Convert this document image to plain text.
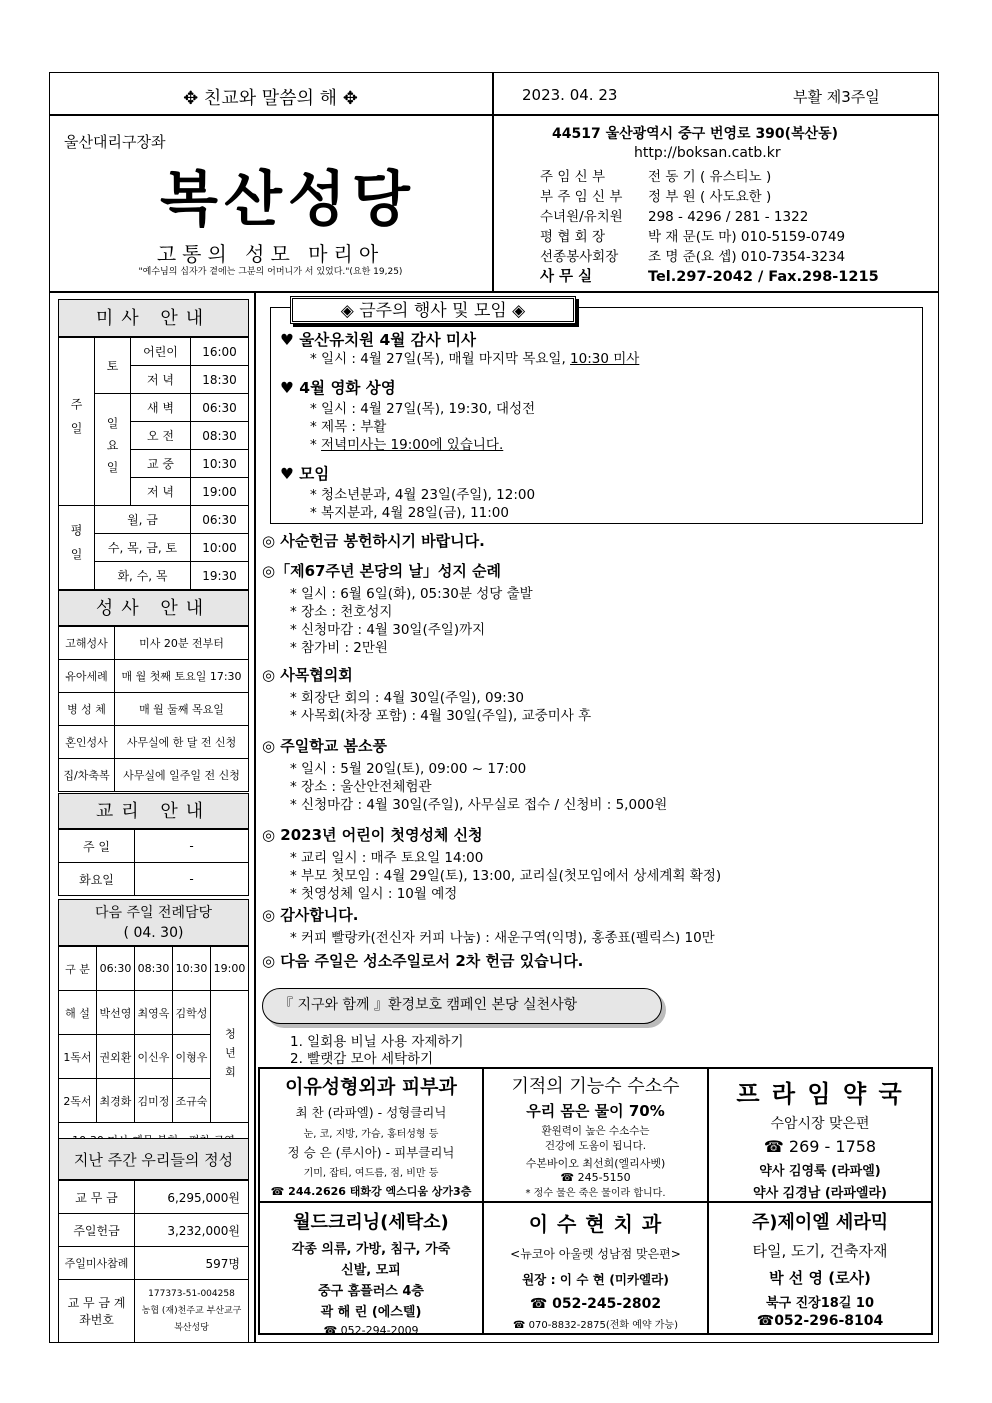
✥ 친교와 말씀의 해 ✥	2023. 04. 23	부활 제3주일
울산대리구장좌
복산성당
고통의 성모 마리아
"예수님의 십자가 곁에는 그분의 어머니가 서 있었다."(요한 19,25)
44517 울산광역시 중구 번영로 390(복산동)
http://boksan.catb.kr
주 임 신 부	전 동 기 ( 유스티노 )
부 주 임 신 부 정 부 원 ( 사도요한 )
수녀원/유치원 298 - 4296 / 281 - 1322
평 협 회 장	박 재 문(도 마) 010-5159-0749
선종봉사회장 조 명 준(요 셉) 010-7354-3234
사 무 실	Tel.297-2042 / Fax.298-1215
미사 안내
주일	토	어린이	16:00
		저 녁	18:30
	일요일	새 벽	06:30
		오 전	08:30
		교 중	10:30
		저 녁	19:00
평일	월, 금		06:30
	수, 목, 금, 토		10:00
	화, 수, 목		19:30
성사 안내
고해성사	미사 20분 전부터
유아세례	매 월 첫째 토요일 17:30
병 성 체	매 월 둘째 목요일
혼인성사	사무실에 한 달 전 신청
집/차축복	사무실에 일주일 전 신청
교리 안내
주 일	-
화요일	-
다음 주일 전례담당
( 04. 30)
구 분	06:30	08:30	10:30	19:00
해 설	박선영	최영옥	김학성	청년회
1독서	권외환	이신우	이형우	
2독서	최경화	김미정	조규숙	

지난 주간 우리들의 정성
교 무 금	6,295,000원
주일헌금	3,232,000원
주일미사참례	597명
교 무 금 계좌번호	177373-51-004258
농협 (재)천주교 부산교구
복산성당
◈ 금주의 행사 및 모임 ◈
♥ 울산유치원 4월 감사 미사
* 일시 : 4월 27일(목), 매월 마지막 목요일, 10:30 미사
♥ 4월 영화 상영
* 일시 : 4월 27일(목), 19:30, 대성전
* 제목 : 부활
* 저녁미사는 19:00에 있습니다.
♥ 모임
* 청소년분과, 4월 23일(주일), 12:00
* 복지분과, 4월 28일(금), 11:00
◎ 사순헌금 봉헌하시기 바랍니다.
◎「제67주년 본당의 날」성지 순례
* 일시 : 6월 6일(화), 05:30분 성당 출발
* 장소 : 천호성지
* 신청마감 : 4월 30일(주일)까지
* 참가비 : 2만원
◎ 사목협의회
* 회장단 회의 : 4월 30일(주일), 09:30
* 사목회(차장 포함) : 4월 30일(주일), 교중미사 후
◎ 주일학교 봄소풍
* 일시 : 5월 20일(토), 09:00 ~ 17:00
* 장소 : 울산안전체험관
* 신청마감 : 4월 30일(주일), 사무실로 접수 / 신청비 : 5,000원
◎ 2023년 어린이 첫영성체 신청
* 교리 일시 : 매주 토요일 14:00
* 부모 첫모임 : 4월 29일(토), 13:00, 교리실(첫모임에서 상세계획 확정)
* 첫영성체 일시 : 10월 예정
◎ 감사합니다.
* 커피 빨랑카(전신자 커피 나눔) : 새운구역(익명), 홍종표(펠릭스) 10만
◎ 다음 주일은 성소주일로서 2차 헌금 있습니다.
『 지구와 함께 』환경보호 캠페인 본당 실천사항
1. 일회용 비닐 사용 자제하기
2. 빨랫감 모아 세탁하기
이유성형외과 피부과
최 찬 (라파엘) - 성형클리닉
눈, 코, 지방, 가슴, 홍터성형 등
정 승 은 (루시아) - 피부클리닉
기미, 잡티, 여드름, 점, 비만 등
☎ 244.2626 태화강 엑스디움 상가3층
기적의 기능수 수소수
우리 몸은 물이 70%
환원력이 높은 수소수는
건강에 도움이 됩니다.
수본바이오 최선희(엘리사벳)
☎ 245-5150
* 정수 물은 죽은 물이라 합니다.
프 라 임 약 국
수암시장 맞은편
☎ 269 - 1758
약사 김영룩 (라파엘)
약사 김경남 (라파엘라)
월드크리닝(세탁소)
각종 의류, 가방, 침구, 가죽
신발, 모피
중구 홈플러스 4층
곽 해 린 (에스텔)
☎ 052-294-2009
이 수 현 치 과
<뉴코아 아울렛 성남점 맞은편>
원장 : 이 수 현 (미카엘라)
☎ 052-245-2802
☎ 070-8832-2875(전화 예약 가능)
주)제이엘 세라믹
타일, 도기, 건축자재
박 선 영 (로사)
북구 진장18길 10
☎052-296-8104
